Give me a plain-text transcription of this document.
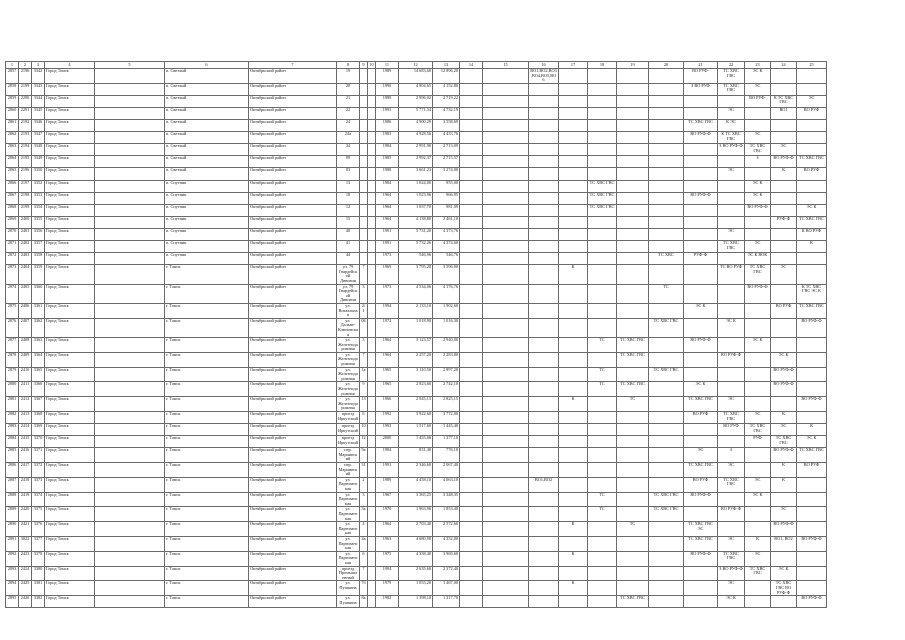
1	2	3	4	5	6	7	8	9	10	11	12	13	14	15	16	17	18	19	20	21	22	23	24	25
2857	2196	3342	Город Томск		п. Светлый	Октябрьский район	19			1989	14 683,60	12 896,20			ВО1,ВО2,ВО3,ВО4,ВО5,ВО6					ВО РУФ-	ТС ХВС ГВС	ЭС К		
2858	2199	3343	Город Томск		п. Светлый	Октябрьский район	20			1990	4 904,65	4 152,80								З ВО РУФ	ТС ХВС ГВС	ЭС		
2859	2290	3344	Город Томск		п. Светлый	Октябрьский район	21			1989	2 996,02	2 719,22										ВО РУФ-	К ТС ХВС ГВС	ЭС
2860	2291	3345	Город Томск		п. Светлый	Октябрьский район	22			1993	5 771,54	4 732,19									ЭС		ВО1	ВО РУФ
2861	2192	3346	Город Томск		п. Светлый	Октябрьский район	24			1986	4 900,29	3 558,69								ТС ХВС ГВС	К ЭС			
2862	2193	3347	Город Томск		п. Светлый	Октябрьский район	24а			1983	4 928,56	4 433,76								ВО РУФ-Ф	К ТС ХВС ГВС	ЭС		
2863	2194	3348	Город Томск		п. Светлый	Октябрьский район	34			1984	2 991,90	2 713,09									З ВО РУФ-Ф	ТС ХВС ГВС	ЭС	
2864	2195	3349	Город Томск		п. Светлый	Октябрьский район	09			1985	2 992,37	2 715,57										З	ВО РУФ-Ф	ТС ХВС ГВС
2865	2196	3350	Город Томск		п. Светлый	Октябрьский район	03			1988	3 661,23	3 274,00									ЭС		К	ВО РУФ
2866	2197	3352	Город Томск		п. Спутник	Октябрьский район	13			1984	1 024,00	955,00					ТС ХВС ГВС					ЭС К		
2867	2198	3353	Город Томск		п. Спутник	Октябрьский район	18			1964	1 023,96	966,95					ТС ХВС ГВС			ВО РУФ-Ф		ЭС К		
2868	2199	3354	Город Томск		п. Спутник	Октябрьский район	12			1964	1 037,70	981,09					ТС ХВС ГВС					ВО РУФ-Ф		ЭС К
2869	2400	3355	Город Томск		п. Спутник	Октябрьский район	15			1964	4 138,80	2 461,10											РУФ-Ф	ТС ХВС ГВС
2870	2401	3356	Город Томск		п. Спутник	Октябрьский район	40			1991	5 731,20	4 373,76									ЭС			К ВО РУФ
2871	2402	3357	Город Томск		п. Спутник	Октябрьский район	41			1991	5 732,26	4 374,60									ТС ХВС ГВС	ЭС		К
2872	2403	3358	Город Томск		п. Спутник	Октябрьский район	44			1973	546,96	546,76							ТС ХВС	РУФ-Ф		ЭС К ВОК		
2873	2404	3359	Город Томск		г. Томск	Октябрьский район	ул. 79 Гвардейской Дивизии	7		1969	3 795,20	3 596,00				К					ТС ВО РУФ	ТС ХВС ГВС	ЭС	
2874	2405	3360	Город Томск		г. Томск	Октябрьский район	ул. 79 Гвардейской Дивизии	3		1973	4 534,06	4 176,76							ТС			ВО РУФ-Ф		К ТС ХВС ГВС ЭС К
2875	2406	3361	Город Томск		г. Томск	Октябрьский район	ул. Вокзальная	2/1		1994	2 133,10	1 902,60								ЭС К			ВО РУФ	ТС ХВС ГВС
2876	2407	3362	Город Томск		г. Томск	Октябрьский район	ул. Дальне-Ключевская	06		1972	1 018,90	1 016,30							ТС ХВС ГВС		ЭС К			ВО РУФ-Ф
2877	2408	3363	Город Томск		г. Томск	Октябрьский район	ул. Железнодорожная	3		1964	3 123,57	2 940,00					ТС	ТС ХВС ГВС		ВО РУФ-Ф		ЭС К		
2878	2409	3364	Город Томск		г. Томск	Октябрьский район	ул. Железнодорожная	7		1964	2 257,20	2 283,80						ТС ХВС ГВС			ВО РУФ-Ф		ЭС К	
2879	2410	3365	Город Томск		г. Томск	Октябрьский район	ул. Железнодорожная	1а		1965	3 110,50	2 897,20					ТС		ТС ХВС ГВС				ВО РУФ-Ф	
2880	2411	3366	Город Томск		г. Томск	Октябрьский район	ул. Железнодорожная	9		1965	2 823,60	2 742,10					ТС	ТС ХВС ГВС		ЭС К			ВО РУФ-Ф	
2881	2412	3367	Город Томск		г. Томск	Октябрьский район	ул. Железнодорожная	13		1966	2 945,13	2 825,15				К		ТС		ТС ХВС ГВС	ЭС			ВО РУФ-Ф
2882	2413	3368	Город Томск		г. Томск	Октябрьский район	проезд Иркутский	6		1992	3 922,60	3 772,00								ВО РУФ	ТС ХВС ГВС	ЭС	К	
2883	2414	3369	Город Томск		г. Томск	Октябрьский район	проезд Иркутский	10		1993	1 517,60	1 445,40									ВО РУФ	ТС ХВС ГВС	ЭС	К
2884	2415	3370	Город Томск		г. Томск	Октябрьский район	проезд Иркутский	12		2000	1 455,06	1 377,10										РУФ	ТС ХВС ГВС	ЭС К
2885	2416	3371	Город Томск		г. Томск	Октябрьский район	пер. Мариинский	9а		1984	831,40	776,10								ЭС	З		ВО РУФ-Ф	ТС ХВС ГВС
2886	2417	3372	Город Томск		г. Томск	Октябрьский район	пер. Мариинский	31		1991	2 346,60	2 067,40								ТС ХВС ГВС	ЭС		К	ВО РУФ
2887	2418	3373	Город Томск		г. Томск	Октябрьский район	ул. Партизанская	2		1989	4 458,10	4 063,10			ВО1,ВО2					ВО РУФ	ТС ХВС ГВС	ЭС	К	
2888	2419	3374	Город Томск		г. Томск	Октябрьский район	ул. Партизанская	3		1967	3 365,25	3 348,35					ТС		ТС ХВС ГВС	ВО РУФ-Ф		ЭС К		
2889	2420	3375	Город Томск		г. Томск	Октябрьский район	ул. Партизанская	3а		1970	1 963,96	1 853,40					ТС		ТС ХВС ГВС		ВО РУФ-Ф		ЭС	
2890	2421	3376	Город Томск		г. Томск	Октябрьский район	ул. Партизанская	4		1964	2 703,40	2 572,60				К		ТС		ТС ХВС ГВС ЭС			ВО РУФ-Ф	
2891	3022	3377	Город Томск		г. Томск	Октябрьский район	ул. Партизанская	4а		1963	4 680,90	4 352,00								ТС ХВС ГВС	ЭС	К	ВО1, ВО2	ВО РУФ-Ф
2892	2423	3378	Город Томск		г. Томск	Октябрьский район	ул. Партизанская	6		1975	4 338,40	3 969,60				К				ВО РУФ-Ф	ТС ХВС ГВС	ЭС		
2893	2424	3380	Город Томск		г. Томск	Октябрьский район	проезд Промышленный	7		1994	2 635,60	2 372,40									З ВО РУФ-Ф	ТС ХВС ГВС	ЭС К	
2894	2425	3381	Город Томск		г. Томск	Октябрьский район	ул. Пушкина	7б		1979	1 055,20	1 467,00				К					ЭС		ТС ХВС ГВС ВО РУФ-Ф	
2895	2426	3382	Город Томск		г. Томск	Октябрьский район	ул. Пушкина	8а		1982	1 398,10	1 317,70						ТС ХВС ГВС			ЭС К			ВО РУФ-Ф
